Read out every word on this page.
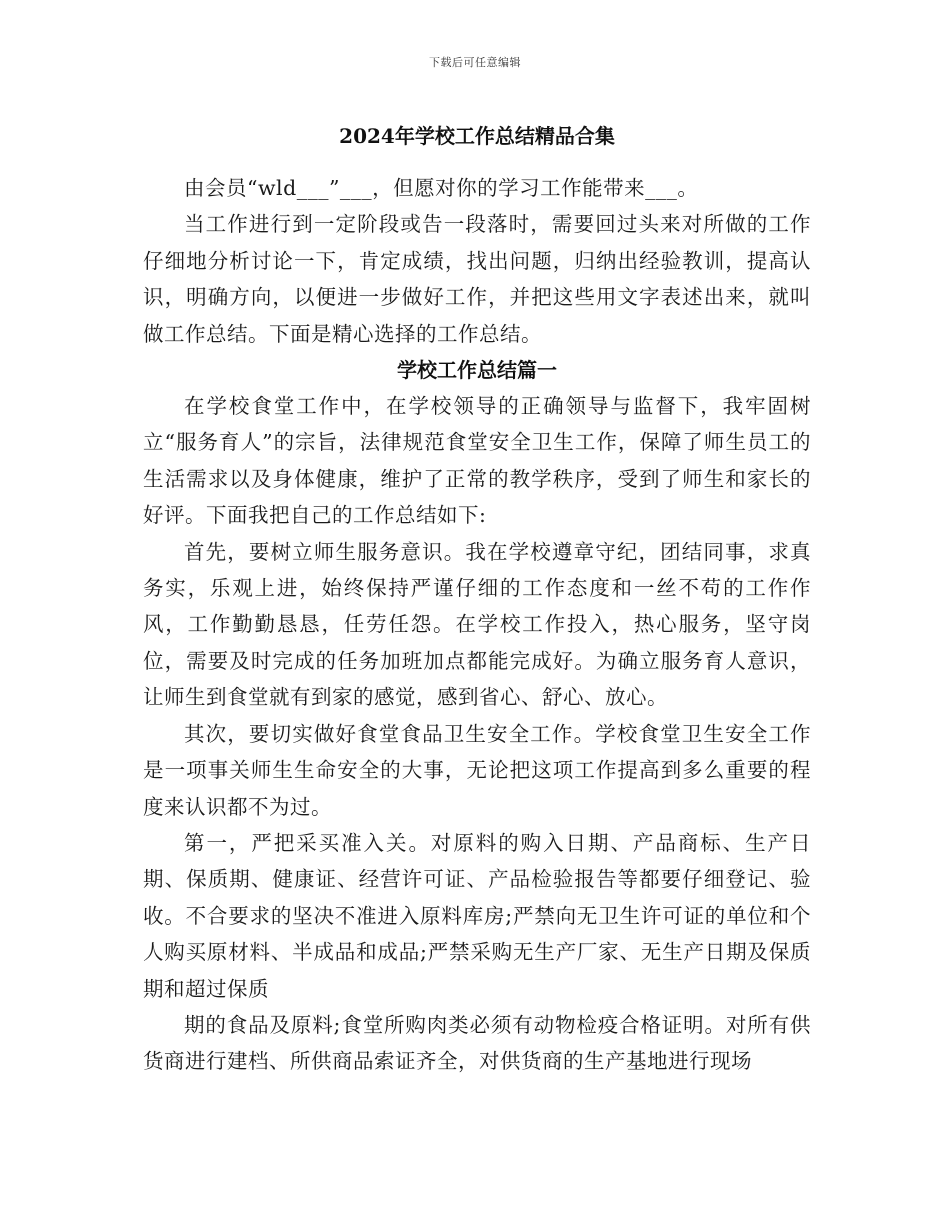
下载后可任意编辑
2024年学校工作总结精品合集

由会员“wld___”___，但愿对你的学习工作能带来___。

当工作进行到一定阶段或告一段落时，需要回过头来对所做的工作仔细地分析讨论一下，肯定成绩，找出问题，归纳出经验教训，提高认识，明确方向，以便进一步做好工作，并把这些用文字表述出来，就叫做工作总结。下面是精心选择的工作总结。

学校工作总结篇一

在学校食堂工作中，在学校领导的正确领导与监督下，我牢固树立“服务育人”的宗旨，法律规范食堂安全卫生工作，保障了师生员工的生活需求以及身体健康，维护了正常的教学秩序，受到了师生和家长的好评。下面我把自己的工作总结如下:

首先，要树立师生服务意识。我在学校遵章守纪，团结同事，求真务实，乐观上进，始终保持严谨仔细的工作态度和一丝不苟的工作作风，工作勤勤恳恳，任劳任怨。在学校工作投入，热心服务，坚守岗位，需要及时完成的任务加班加点都能完成好。为确立服务育人意识，让师生到食堂就有到家的感觉，感到省心、舒心、放心。

其次，要切实做好食堂食品卫生安全工作。学校食堂卫生安全工作是一项事关师生生命安全的大事，无论把这项工作提高到多么重要的程度来认识都不为过。

第一，严把采买准入关。对原料的购入日期、产品商标、生产日期、保质期、健康证、经营许可证、产品检验报告等都要仔细登记、验收。不合要求的坚决不准进入原料库房;严禁向无卫生许可证的单位和个人购买原材料、半成品和成品;严禁采购无生产厂家、无生产日期及保质期和超过保质

期的食品及原料;食堂所购肉类必须有动物检疫合格证明。对所有供货商进行建档、所供商品索证齐全，对供货商的生产基地进行现场
